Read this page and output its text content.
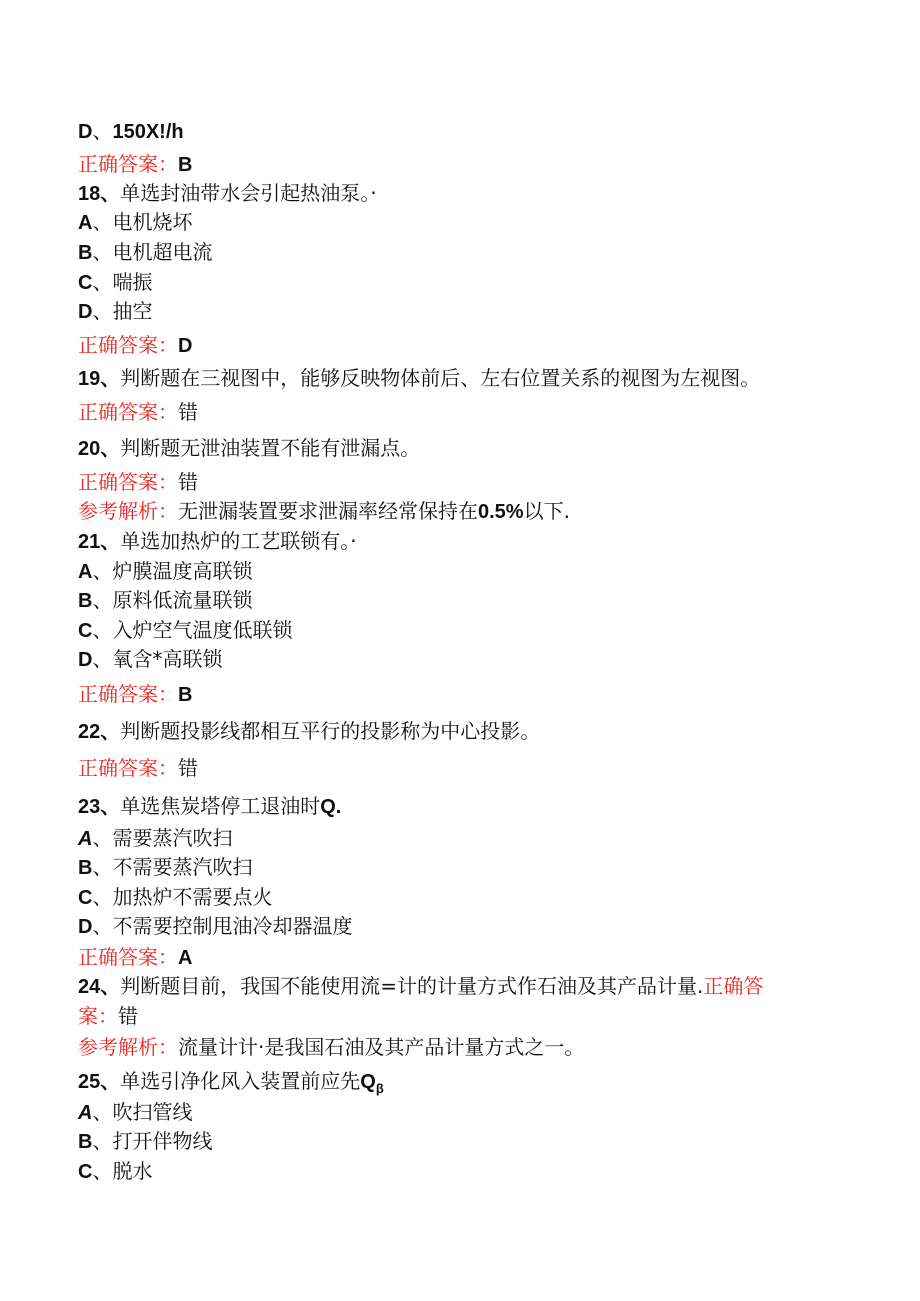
D、150X!/h
正确答案：B
18、单选封油带水会引起热油泵。·
A、电机烧坏
B、电机超电流
C、喘振
D、抽空
正确答案：D
19、判断题在三视图中，能够反映物体前后、左右位置关系的视图为左视图。
正确答案：错
20、判断题无泄油装置不能有泄漏点。
正确答案：错
参考解析：无泄漏装置要求泄漏率经常保持在0.5%以下.
21、单选加热炉的工艺联锁有。·
A、炉膜温度高联锁
B、原料低流量联锁
C、入炉空气温度低联锁
D、氧含*高联锁
正确答案：B
22、判断题投影线都相互平行的投影称为中心投影。
正确答案：错
23、单选焦炭塔停工退油时Q.
A、需要蒸汽吹扫
B、不需要蒸汽吹扫
C、加热炉不需要点火
D、不需要控制甩油冷却器温度
正确答案：A
24、判断题目前，我国不能使用流=计的计量方式作石油及其产品计量.正确答
案：错
参考解析：流量计计·是我国石油及其产品计量方式之一。
25、单选引净化风入装置前应先$Q_\beta$
A、吹扫管线
B、打开伴物线
C、脱水
